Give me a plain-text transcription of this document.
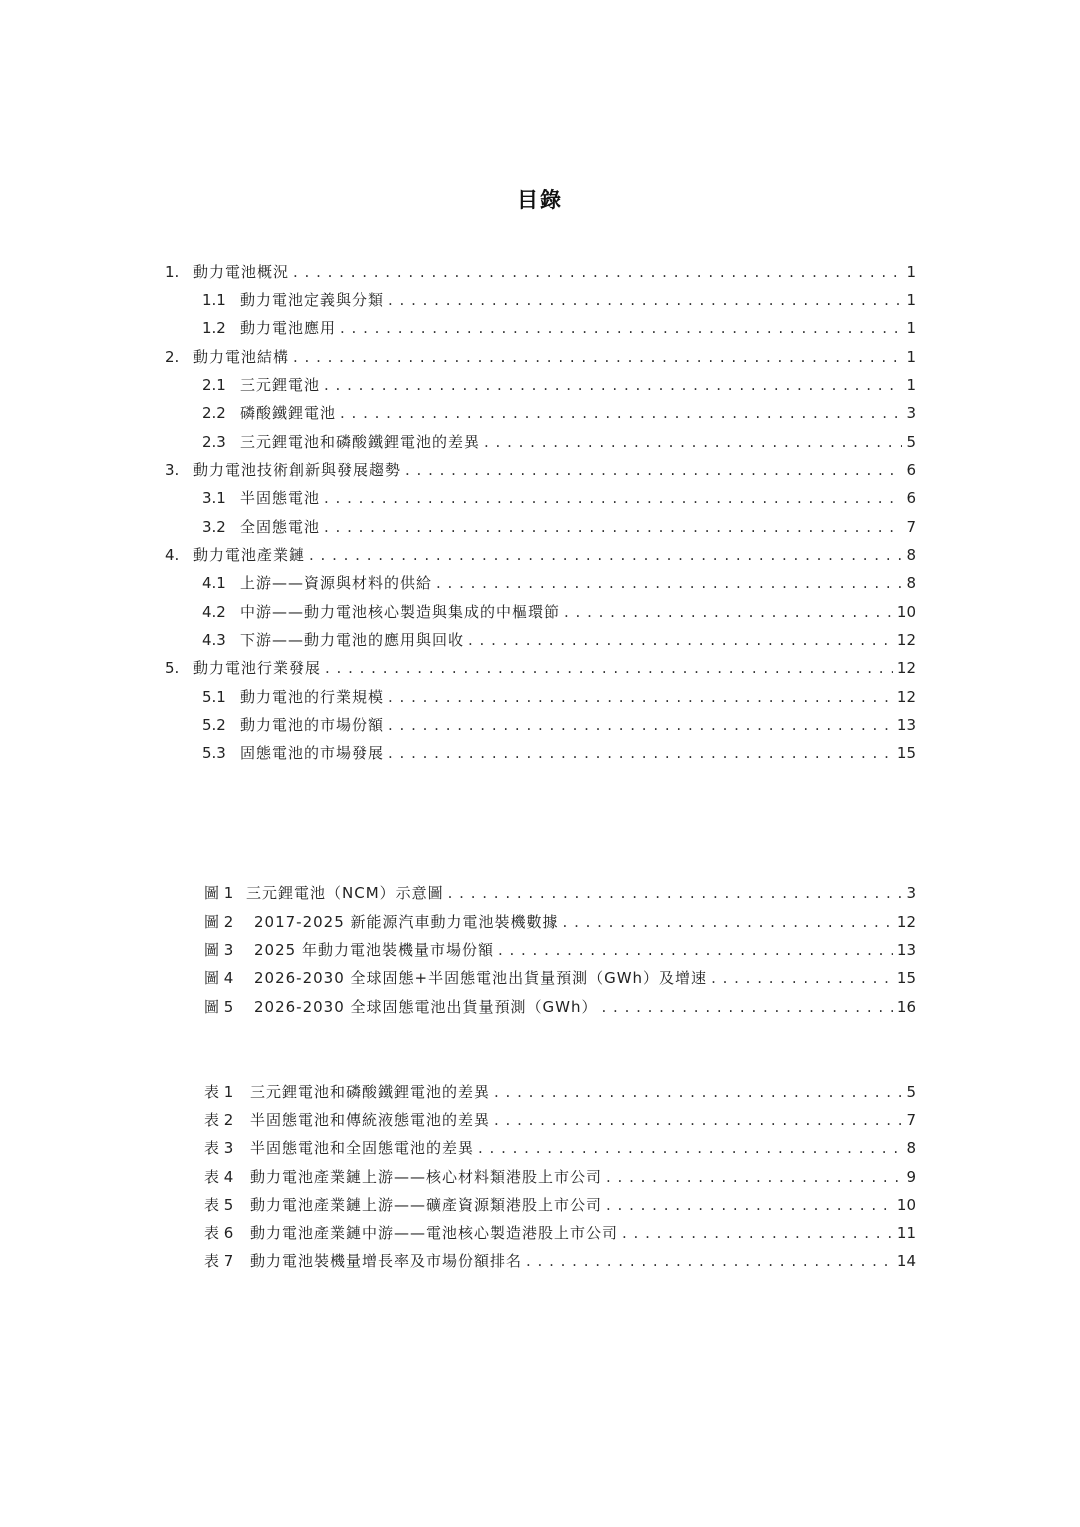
目錄
1. 動力電池概況 . . .	1
1.1 動力電池定義與分類 . . .	1
1.2 動力電池應用 . . .	1
2. 動力電池結構 . . .	1
2.1 三元鋰電池 . . .	1
2.2 磷酸鐵鋰電池 . . .	3
2.3 三元鋰電池和磷酸鐵鋰電池的差異 . . .	5
3. 動力電池技術創新與發展趨勢 . . .	6
3.1 半固態電池 . . .	6
3.2 全固態電池 . . .	7
4. 動力電池產業鏈 . . .	8
4.1 上游——資源與材料的供給 . . .	8
4.2 中游——動力電池核心製造與集成的中樞環節 . . .	10
4.3 下游——動力電池的應用與回收 . . .	12
5. 動力電池行業發展 . . .	12
5.1 動力電池的行業規模 . . .	12
5.2 動力電池的市場份額 . . .	13
5.3 固態電池的市場發展 . . .	15
圖 1 三元鋰電池（NCM）示意圖 . . .	3
圖 2	2017-2025 新能源汽車動力電池裝機數據 . . .	12
圖 3	2025 年動力電池裝機量市場份額 . . .	13
圖 4	2026-2030 全球固態+半固態電池出貨量預測（GWh）及增速 . . .	15
圖 5	2026-2030 全球固態電池出貨量預測（GWh） . . .	16
表 1	三元鋰電池和磷酸鐵鋰電池的差異 . . .	5
表 2	半固態電池和傳統液態電池的差異 . . .	7
表 3	半固態電池和全固態電池的差異 . . .	8
表 4	動力電池產業鏈上游——核心材料類港股上市公司 . . .	9
表 5	動力電池產業鏈上游——礦產資源類港股上市公司 . . .	10
表 6	動力電池產業鏈中游——電池核心製造港股上市公司 . . .	11
表 7	動力電池裝機量增長率及市場份額排名 . . .	14
